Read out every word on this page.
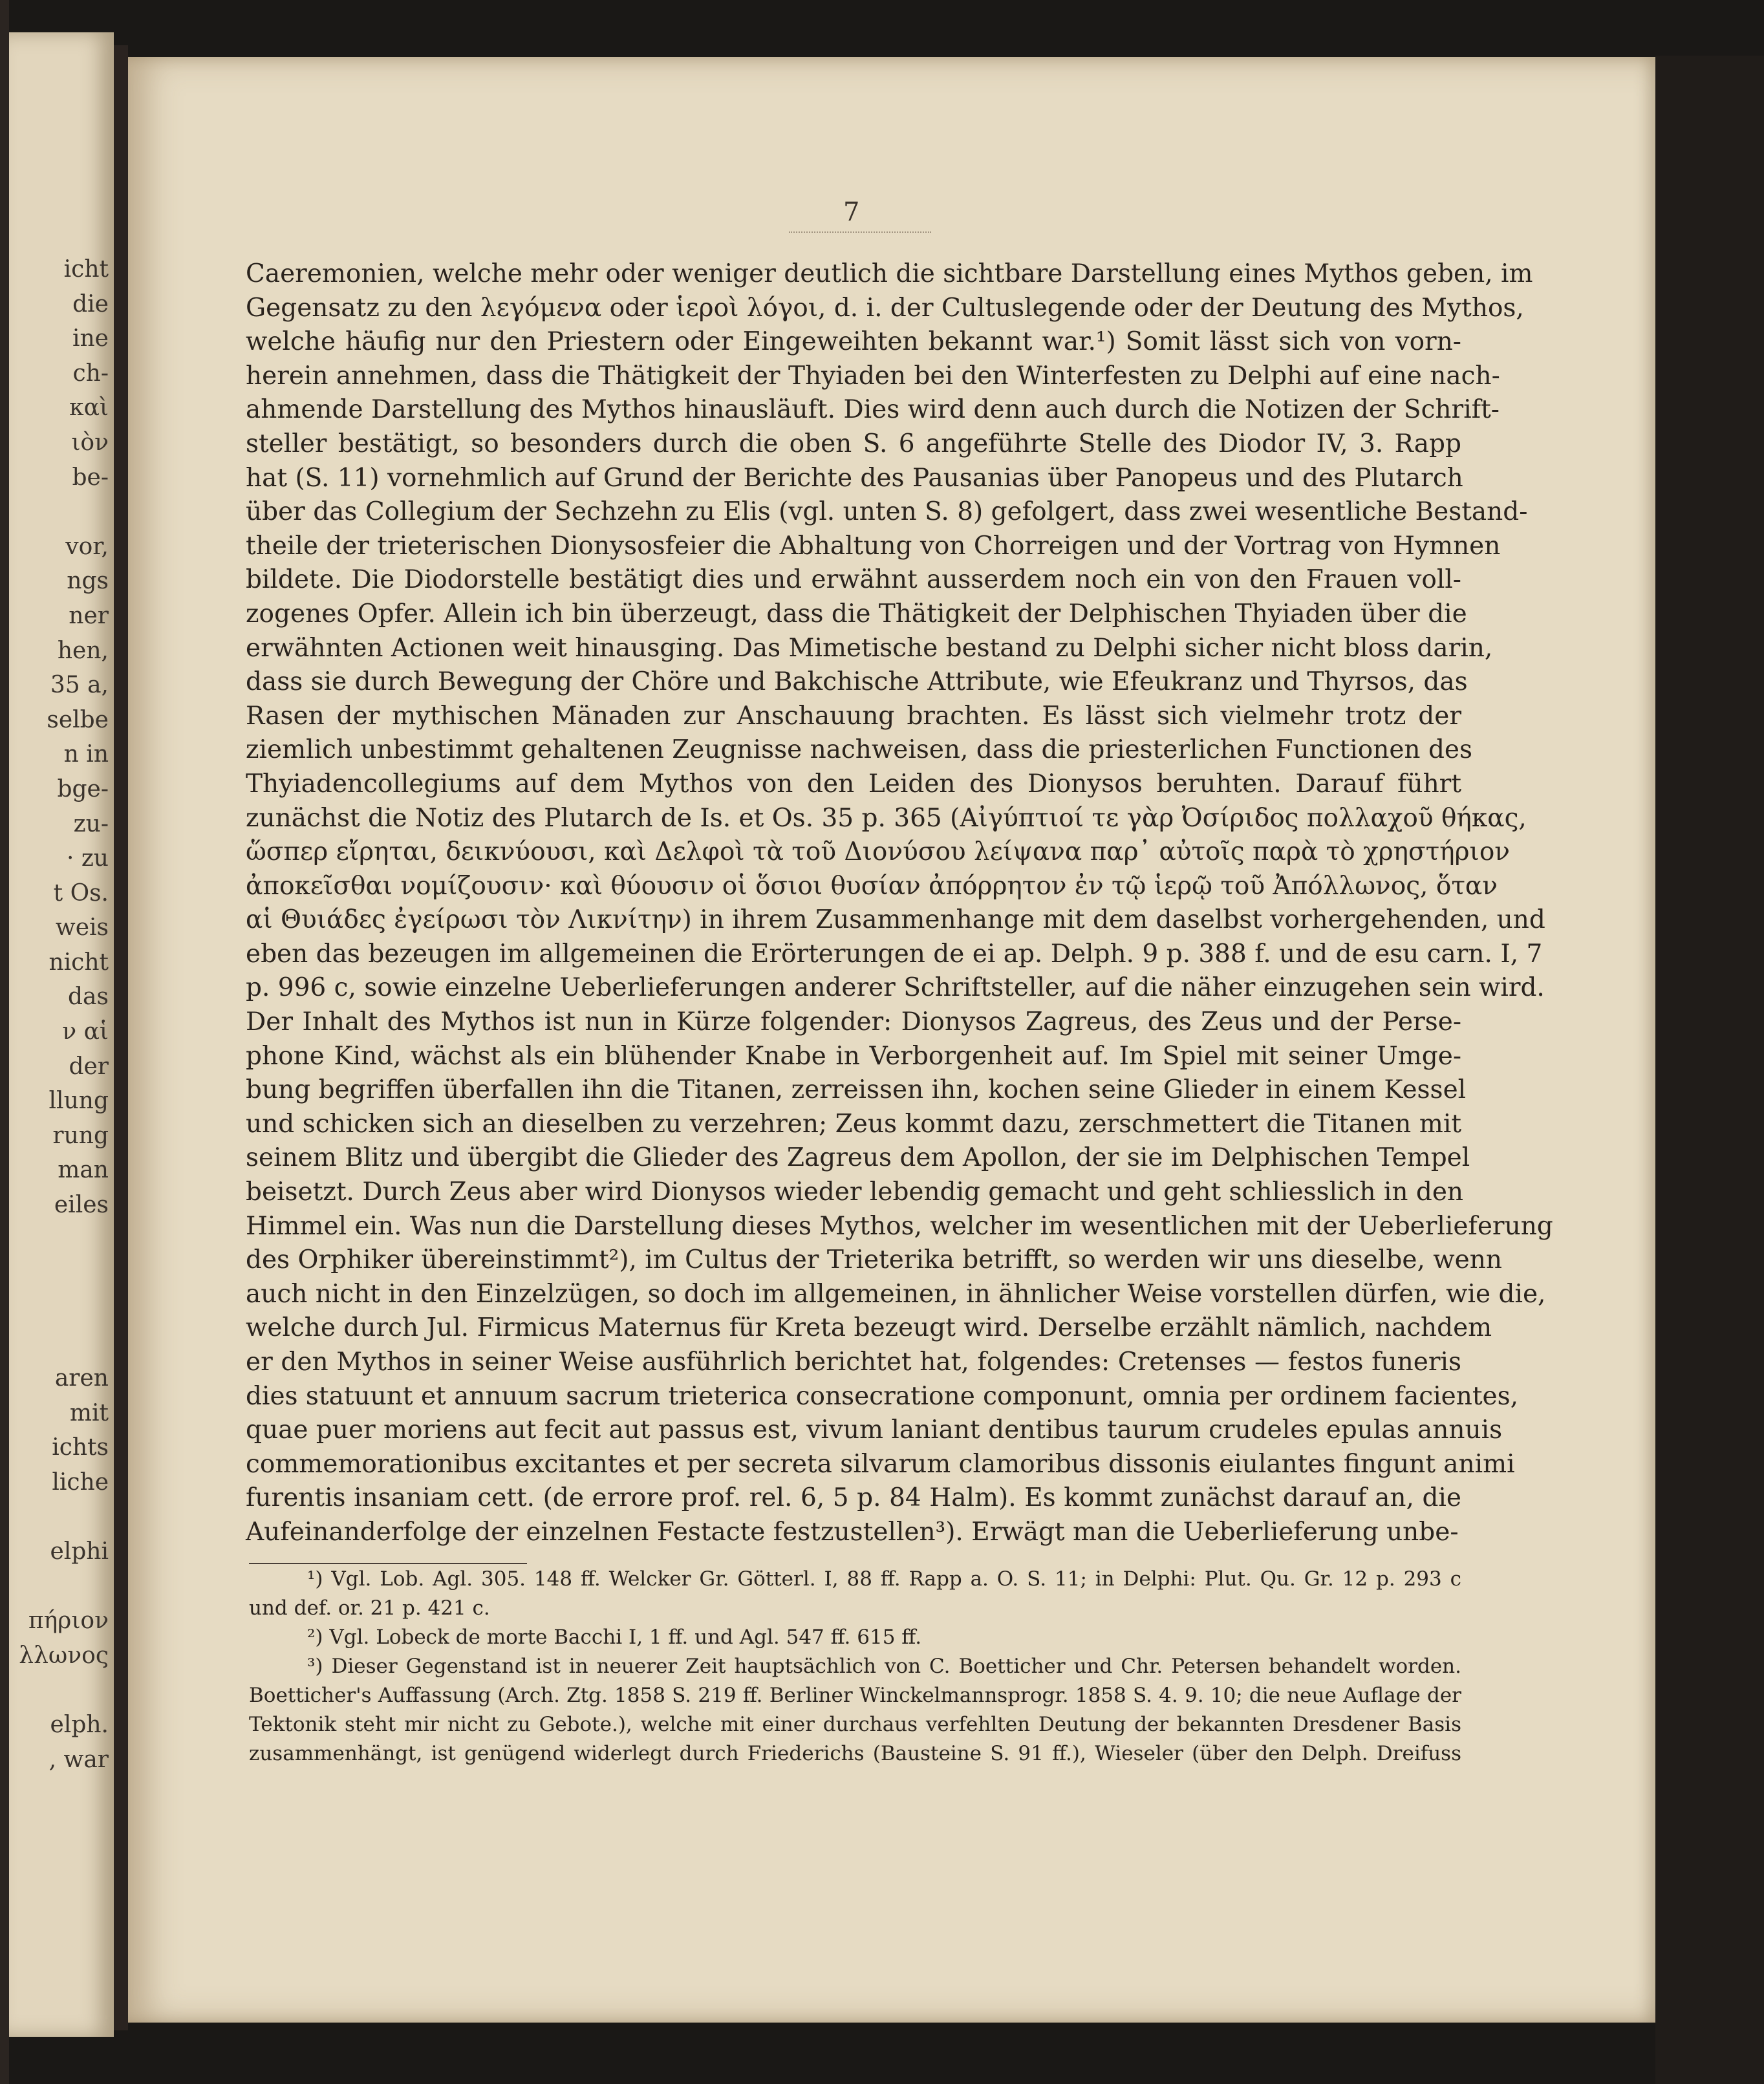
icht
die
ine
ch-
καὶ
ιὸν
be-

vor,
ngs
ner
hen,
35 a,
selbe
n in
bge-
zu-
· zu
t Os.
weis
nicht
das
ν αἱ
der
llung
rung
man
eiles

aren
mit
ichts
liche

elphi

πήριον
λλωνος

elph.
, war
7
Caeremonien, welche mehr oder weniger deutlich die sichtbare Darstellung eines Mythos geben, im
Gegensatz zu den λεγόμενα oder ἱεροὶ λόγοι, d. i. der Cultuslegende oder der Deutung des Mythos,
welche häufig nur den Priestern oder Eingeweihten bekannt war.¹) Somit lässt sich von vorn-
herein annehmen, dass die Thätigkeit der Thyiaden bei den Winterfesten zu Delphi auf eine nach-
ahmende Darstellung des Mythos hinausläuft. Dies wird denn auch durch die Notizen der Schrift-
steller bestätigt, so besonders durch die oben S. 6 angeführte Stelle des Diodor IV, 3. Rapp
hat (S. 11) vornehmlich auf Grund der Berichte des Pausanias über Panopeus und des Plutarch
über das Collegium der Sechzehn zu Elis (vgl. unten S. 8) gefolgert, dass zwei wesentliche Bestand-
theile der trieterischen Dionysosfeier die Abhaltung von Chorreigen und der Vortrag von Hymnen
bildete. Die Diodorstelle bestätigt dies und erwähnt ausserdem noch ein von den Frauen voll-
zogenes Opfer. Allein ich bin überzeugt, dass die Thätigkeit der Delphischen Thyiaden über die
erwähnten Actionen weit hinausging. Das Mimetische bestand zu Delphi sicher nicht bloss darin,
dass sie durch Bewegung der Chöre und Bakchische Attribute, wie Efeukranz und Thyrsos, das
Rasen der mythischen Mänaden zur Anschauung brachten. Es lässt sich vielmehr trotz der
ziemlich unbestimmt gehaltenen Zeugnisse nachweisen, dass die priesterlichen Functionen des
Thyiadencollegiums auf dem Mythos von den Leiden des Dionysos beruhten. Darauf führt
zunächst die Notiz des Plutarch de Is. et Os. 35 p. 365 (Αἰγύπτιοί τε γὰρ Ὀσίριδος πολλαχοῦ θήκας,
ὥσπερ εἴρηται, δεικνύουσι, καὶ Δελφοὶ τὰ τοῦ Διονύσου λείψανα παρ᾽ αὐτοῖς παρὰ τὸ χρηστήριον
ἀποκεῖσθαι νομίζουσιν· καὶ θύουσιν οἱ ὅσιοι θυσίαν ἀπόρρητον ἐν τῷ ἱερῷ τοῦ Ἀπόλλωνος, ὅταν
αἱ Θυιάδες ἐγείρωσι τὸν Λικνίτην) in ihrem Zusammenhange mit dem daselbst vorhergehenden, und
eben das bezeugen im allgemeinen die Erörterungen de ei ap. Delph. 9 p. 388 f. und de esu carn. I, 7
p. 996 c, sowie einzelne Ueberlieferungen anderer Schriftsteller, auf die näher einzugehen sein wird.
Der Inhalt des Mythos ist nun in Kürze folgender: Dionysos Zagreus, des Zeus und der Perse-
phone Kind, wächst als ein blühender Knabe in Verborgenheit auf. Im Spiel mit seiner Umge-
bung begriffen überfallen ihn die Titanen, zerreissen ihn, kochen seine Glieder in einem Kessel
und schicken sich an dieselben zu verzehren; Zeus kommt dazu, zerschmettert die Titanen mit
seinem Blitz und übergibt die Glieder des Zagreus dem Apollon, der sie im Delphischen Tempel
beisetzt. Durch Zeus aber wird Dionysos wieder lebendig gemacht und geht schliesslich in den
Himmel ein. Was nun die Darstellung dieses Mythos, welcher im wesentlichen mit der Ueberlieferung
des Orphiker übereinstimmt²), im Cultus der Trieterika betrifft, so werden wir uns dieselbe, wenn
auch nicht in den Einzelzügen, so doch im allgemeinen, in ähnlicher Weise vorstellen dürfen, wie die,
welche durch Jul. Firmicus Maternus für Kreta bezeugt wird. Derselbe erzählt nämlich, nachdem
er den Mythos in seiner Weise ausführlich berichtet hat, folgendes: Cretenses — festos funeris
dies statuunt et annuum sacrum trieterica consecratione componunt, omnia per ordinem facientes,
quae puer moriens aut fecit aut passus est, vivum laniant dentibus taurum crudeles epulas annuis
commemorationibus excitantes et per secreta silvarum clamoribus dissonis eiulantes fingunt animi
furentis insaniam cett. (de errore prof. rel. 6, 5 p. 84 Halm). Es kommt zunächst darauf an, die
Aufeinanderfolge der einzelnen Festacte festzustellen³). Erwägt man die Ueberlieferung unbe-
¹) Vgl. Lob. Agl. 305. 148 ff. Welcker Gr. Götterl. I, 88 ff. Rapp a. O. S. 11; in Delphi: Plut. Qu. Gr. 12 p. 293 c
und def. or. 21 p. 421 c.
²) Vgl. Lobeck de morte Bacchi I, 1 ff. und Agl. 547 ff. 615 ff.
³) Dieser Gegenstand ist in neuerer Zeit hauptsächlich von C. Boetticher und Chr. Petersen behandelt worden.
Boetticher's Auffassung (Arch. Ztg. 1858 S. 219 ff. Berliner Winckelmannsprogr. 1858 S. 4. 9. 10; die neue Auflage der
Tektonik steht mir nicht zu Gebote.), welche mit einer durchaus verfehlten Deutung der bekannten Dresdener Basis
zusammenhängt, ist genügend widerlegt durch Friederichs (Bausteine S. 91 ff.), Wieseler (über den Delph. Dreifuss
